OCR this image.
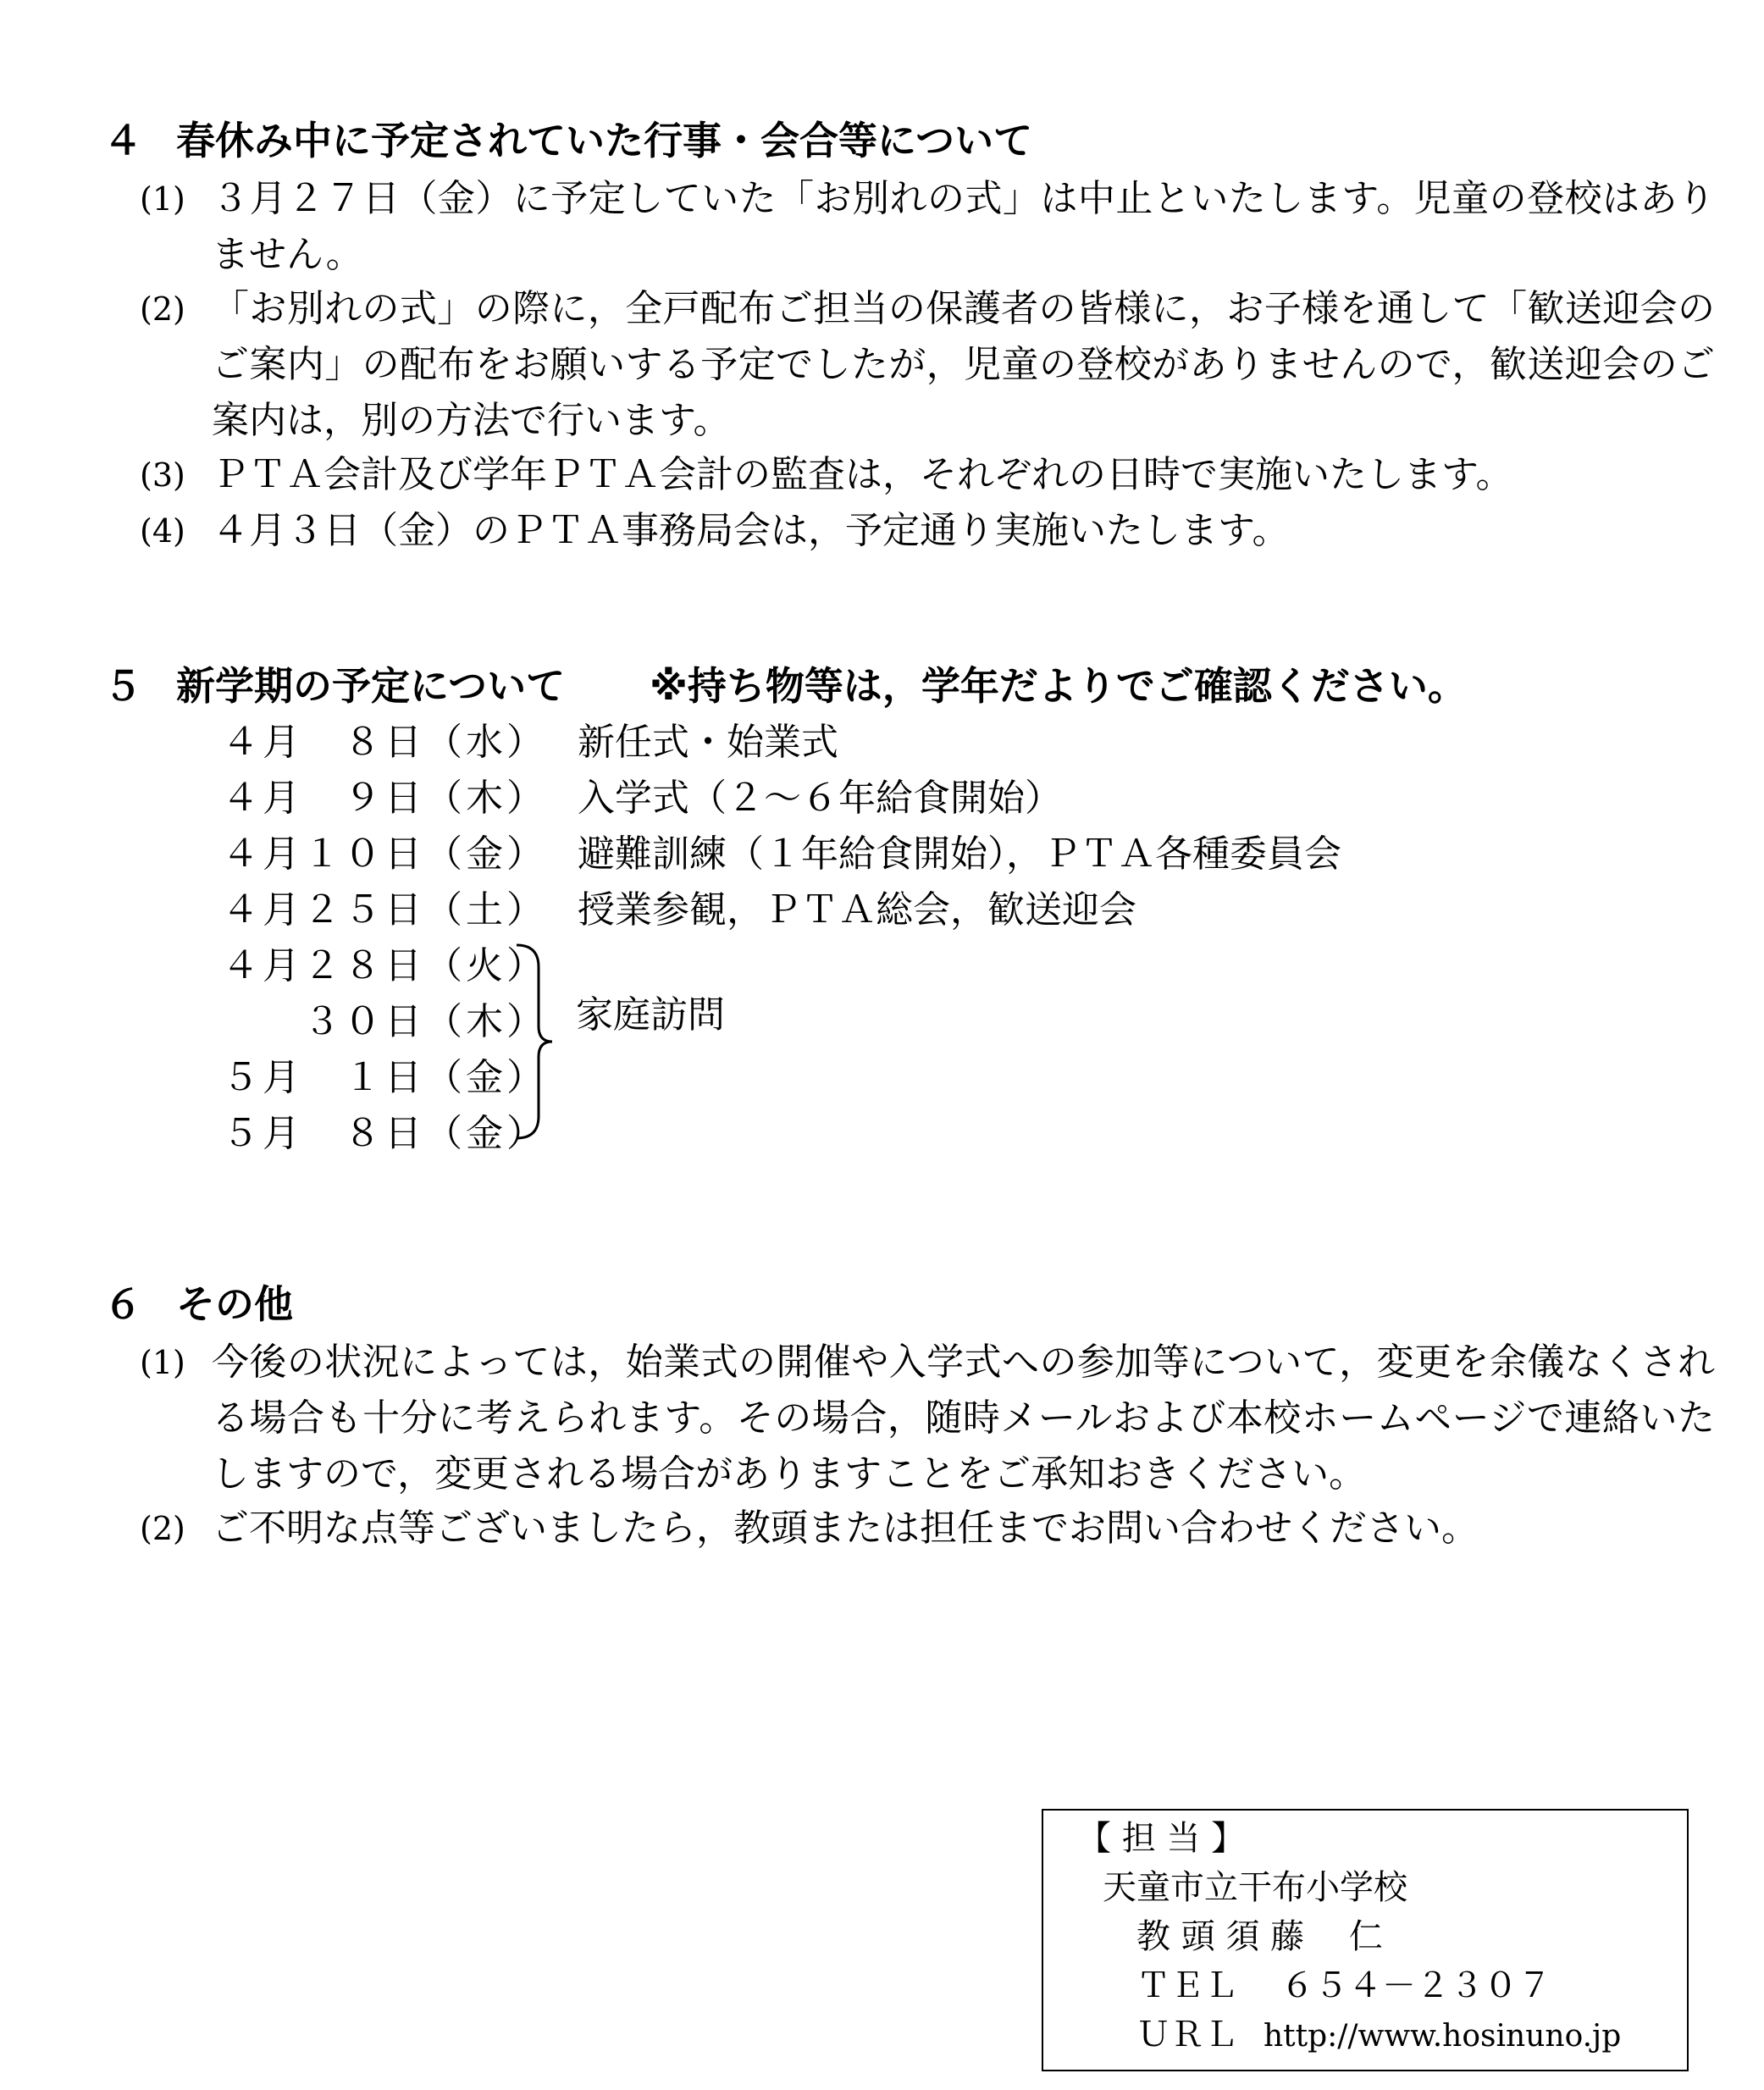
４ 春休み中に予定されていた行事・会合等について
(1) ３月２７日（金）に予定していた「お別れの式」は中止といたします。児童の登校はありません。
(2) 「お別れの式」の際に，全戸配布ご担当の保護者の皆様に，お子様を通して「歓送迎会のご案内」の配布をお願いする予定でしたが，児童の登校がありませんので，歓送迎会のご案内は，別の方法で行います。
(3) ＰＴＡ会計及び学年ＰＴＡ会計の監査は，それぞれの日時で実施いたします。
(4) ４月３日（金）のＰＴＡ事務局会は，予定通り実施いたします。
５ 新学期の予定について ※持ち物等は，学年だよりでご確認ください。
４月　８日（水） 新任式・始業式
４月　９日（木） 入学式（２～６年給食開始）
４月１０日（金） 避難訓練（１年給食開始），ＰＴＡ各種委員会
４月２５日（土） 授業参観，ＰＴＡ総会，歓送迎会
４月２８日（火）
３０日（木）
５月　１日（金）
５月　８日（金）
家庭訪問
６ その他
(1) 今後の状況によっては，始業式の開催や入学式への参加等について，変更を余儀なくされる場合も十分に考えられます。その場合，随時メールおよび本校ホームページで連絡いたしますので，変更される場合がありますことをご承知おきください。
(2) ご不明な点等ございましたら，教頭または担任までお問い合わせください。
【 担 当 】
天童市立干布小学校
教 頭 須 藤　 仁
ＴＥＬ ６５４－２３０７
ＵＲＬ http://www.hosinuno.jp
